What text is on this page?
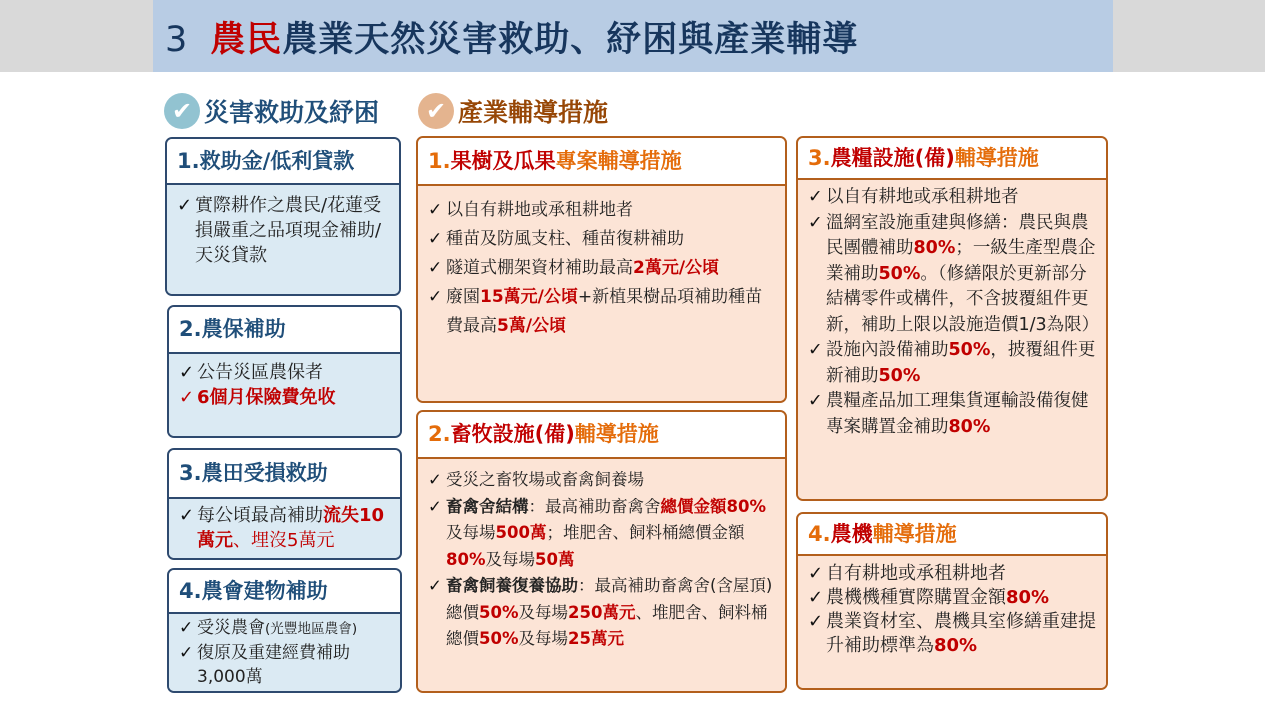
3 農民農業天然災害救助、紓困與產業輔導
✔ 災害救助及紓困	✔ 產業輔導措施
1.救助金/低利貸款
✓ 實際耕作之農民/花蓮受損嚴重之品項現金補助/天災貸款
2.農保補助
✓ 公告災區農保者
✓ 6個月保險費免收
3.農田受損救助
✓ 每公頃最高補助流失10萬元、埋沒5萬元
4.農會建物補助
✓ 受災農會(光豐地區農會)
✓ 復原及重建經費補助3,000萬
1.果樹及瓜果專案輔導措施
✓ 以自有耕地或承租耕地者
✓ 種苗及防風支柱、種苗復耕補助
✓ 隧道式棚架資材補助最高2萬元/公頃
✓ 廢園15萬元/公頃+新植果樹品項補助種苗費最高5萬/公頃
2.畜牧設施(備)輔導措施
✓ 受災之畜牧場或畜禽飼養場
✓ 畜禽舍結構：最高補助畜禽舍總價金額80%及每場500萬；堆肥舍、飼料桶總價金額80%及每場50萬
✓ 畜禽飼養復養協助：最高補助畜禽舍(含屋頂) 總價50%及每場250萬元、堆肥舍、飼料桶總價50%及每場25萬元
3.農糧設施(備)輔導措施
✓ 以自有耕地或承租耕地者
✓ 溫網室設施重建與修繕：農民與農民團體補助80%；一級生產型農企業補助50%。（修繕限於更新部分結構零件或構件，不含披覆組件更新，補助上限以設施造價1/3為限）
✓ 設施內設備補助50%，披覆組件更新補助50%
✓ 農糧產品加工理集貨運輸設備復健專案購置金補助80%
4.農機輔導措施
✓ 自有耕地或承租耕地者
✓ 農機機種實際購置金額80%
✓ 農業資材室、農機具室修繕重建提升補助標準為80%
